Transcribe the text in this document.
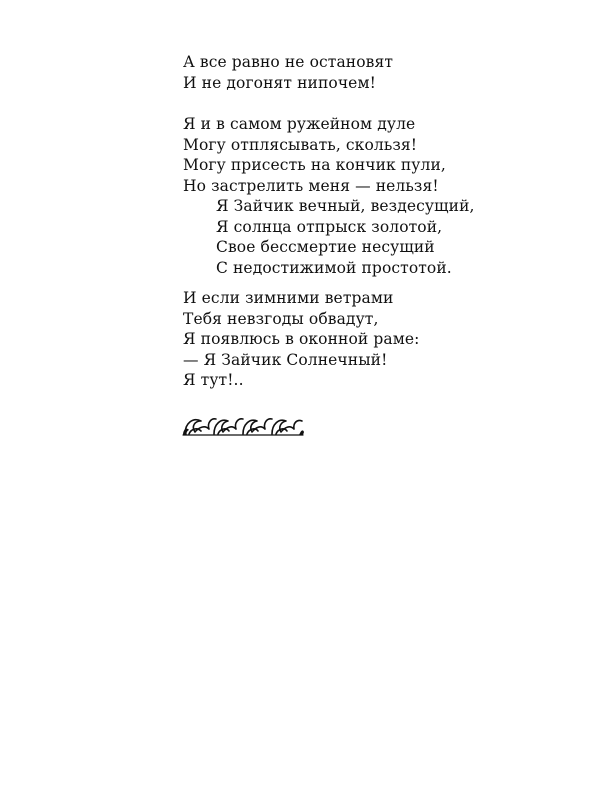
А все равно не остановят
И не догонят нипочем!
Я и в самом ружейном дуле
Могу отплясывать, скользя!
Могу присесть на кончик пули,
Но застрелить меня — нельзя!
Я Зайчик вечный, вездесущий,
Я солнца отпрыск золотой,
Свое бессмертие несущий
С недостижимой простотой.
И если зимними ветрами
Тебя невзгоды обвадут,
Я появлюсь в оконной раме:
— Я Зайчик Солнечный!
Я тут!..
